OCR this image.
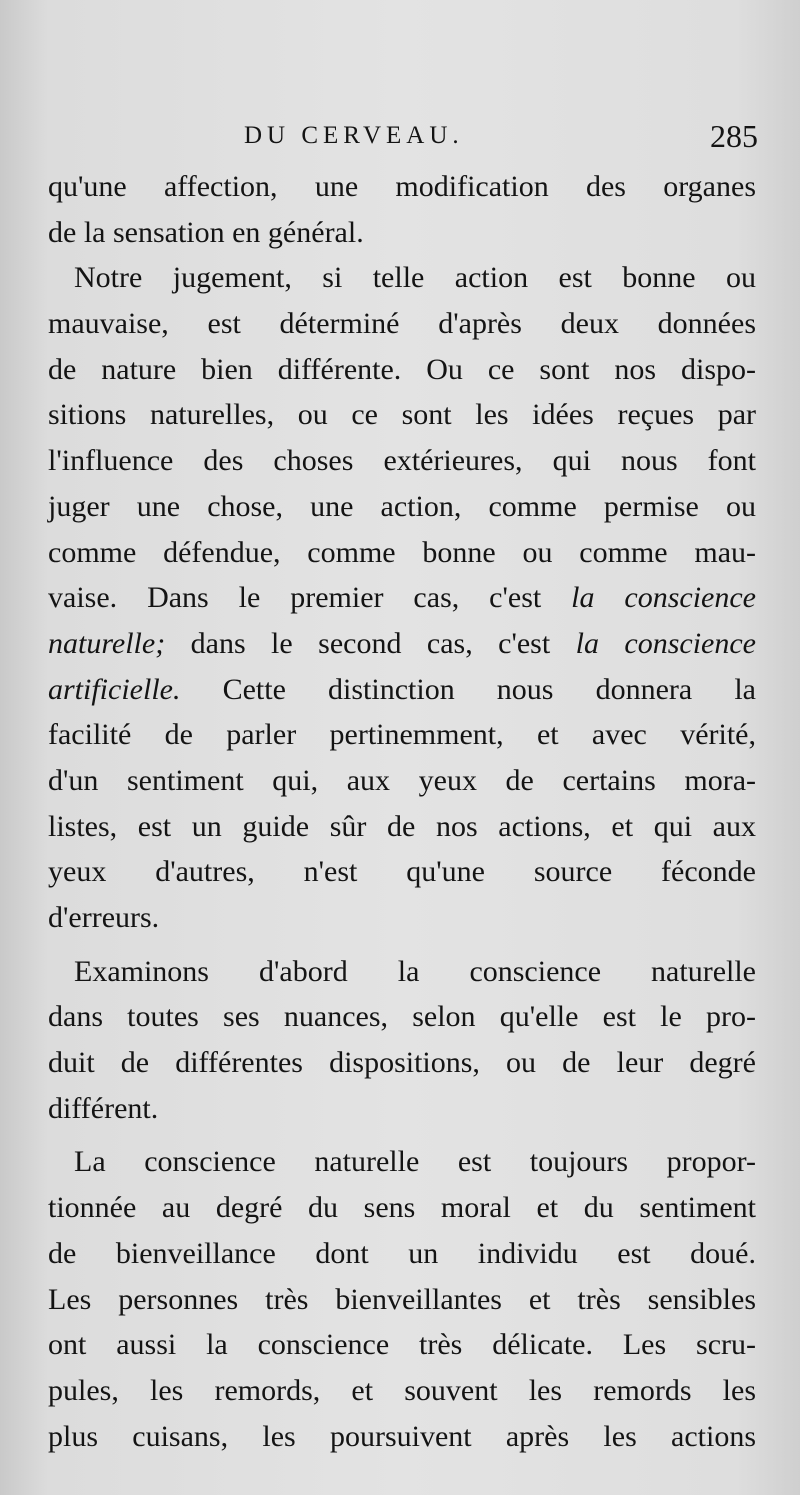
DU CERVEAU.	285
qu'une affection, une modification des organes
de la sensation en général.
Notre jugement, si telle action est bonne ou
mauvaise, est déterminé d'après deux données
de nature bien différente. Ou ce sont nos dispo-
sitions naturelles, ou ce sont les idées reçues par
l'influence des choses extérieures, qui nous font
juger une chose, une action, comme permise ou
comme défendue, comme bonne ou comme mau-
vaise. Dans le premier cas, c'est la conscience
naturelle; dans le second cas, c'est la conscience
artificielle. Cette distinction nous donnera la
facilité de parler pertinemment, et avec vérité,
d'un sentiment qui, aux yeux de certains mora-
listes, est un guide sûr de nos actions, et qui aux
yeux d'autres, n'est qu'une source féconde
d'erreurs.
Examinons d'abord la conscience naturelle
dans toutes ses nuances, selon qu'elle est le pro-
duit de différentes dispositions, ou de leur degré
différent.
La conscience naturelle est toujours propor-
tionnée au degré du sens moral et du sentiment
de bienveillance dont un individu est doué.
Les personnes très bienveillantes et très sensibles
ont aussi la conscience très délicate. Les scru-
pules, les remords, et souvent les remords les
plus cuisans, les poursuivent après les actions
